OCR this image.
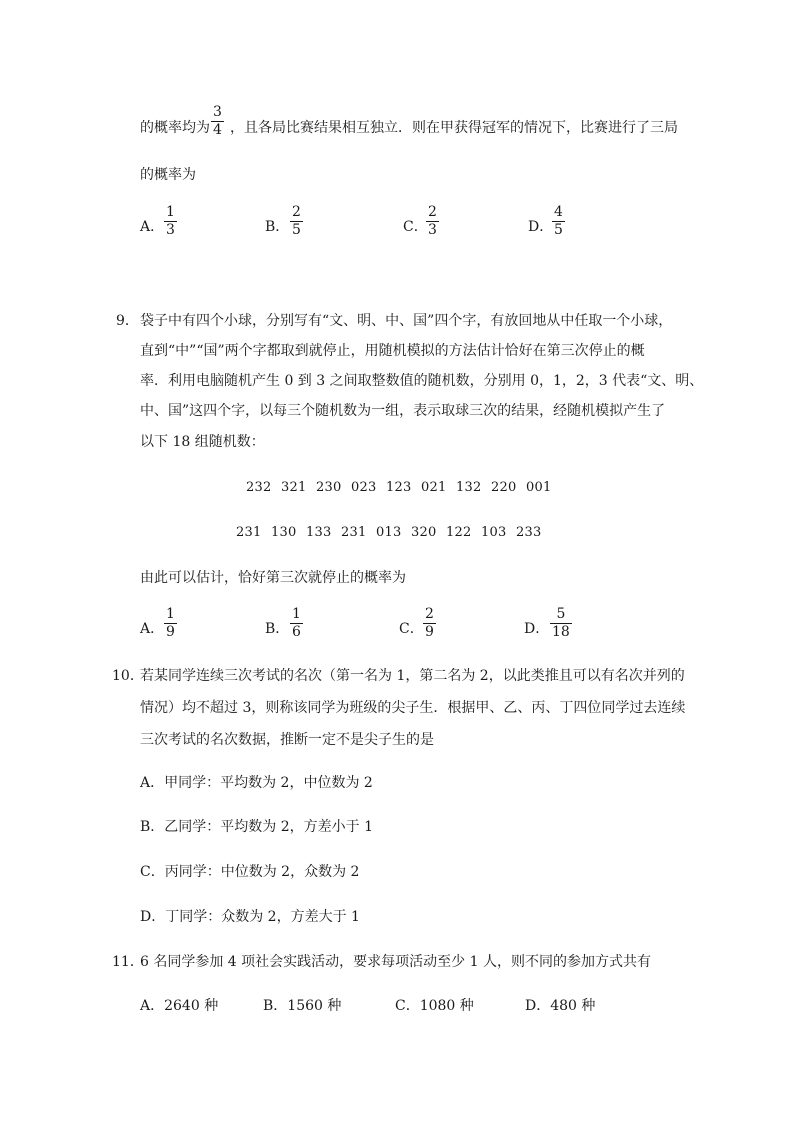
的概率均为
3
4 ，且各局比赛结果相互独立．则在甲获得冠军的情况下，比赛进行了三局
的概率为
A．
1
3	B．
2
5	C．
2
3	D．
4
5
9． 袋子中有四个小球，分别写有“文、明、中、国”四个字，有放回地从中任取一个小球，
直到“中”“国”两个字都取到就停止，用随机模拟的方法估计恰好在第三次停止的概
率．利用电脑随机产生 0 到 3 之间取整数值的随机数，分别用 0，1，2，3 代表“文、明、
中、国”这四个字，以每三个随机数为一组，表示取球三次的结果，经随机模拟产生了
以下 18 组随机数：
232 321 230 023 123 021 132 220 001
231 130 133 231 013 320 122 103 233
由此可以估计，恰好第三次就停止的概率为
A．
1
9	B．
1
6	C．
2
9	D．
5
18
10．
若某同学连续三次考试的名次（第一名为 1，第二名为 2，以此类推且可以有名次并列的
情况）均不超过 3，则称该同学为班级的尖子生．根据甲、乙、丙、丁四位同学过去连续
三次考试的名次数据，推断一定不是尖子生的是
A．甲同学：平均数为 2，中位数为 2
B．乙同学：平均数为 2，方差小于 1
C．丙同学：中位数为 2，众数为 2
D．丁同学：众数为 2，方差大于 1
11．
6 名同学参加 4 项社会实践活动，要求每项活动至少 1 人，则不同的参加方式共有
A．2640 种	B．1560 种	C．1080 种	D．480 种
